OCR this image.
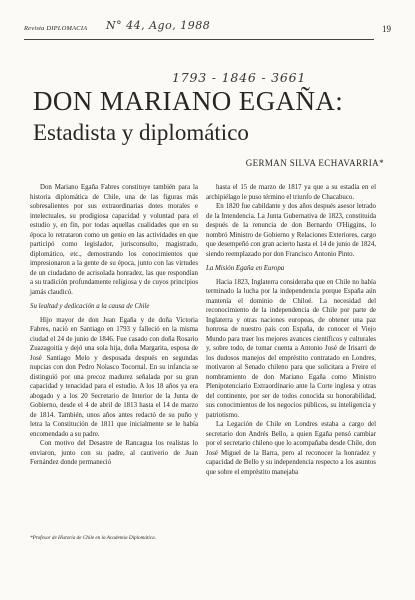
Revista DIPLOMACIA N° 44, Ago, 1988	19
1793 - 1846 - 3661
DON MARIANO EGAÑA:
Estadista y diplomático
GERMAN SILVA ECHAVARRIA*

Don Mariano Egaña Fabres constituye también para la historia diplomática de Chile, una de las figuras más sobresalientes por sus extraordinarias dotes morales e intelectuales, su prodigiosa capacidad y voluntad para el estudio y, en fin, por todas aquellas cualidades que en su época lo retrataron como un genio en las actividades en que participó como legislador, jurisconsulto, magistrado, diplomático, etc., demostrando los conocimientos que impresionaron a la gente de su época, junto con las virtudes de un ciudadano de acrisolada honradez, las que respondían a su tradición profundamente religiosa y de cuyos principios jamás claudicó.

Su lealtad y dedicación a la causa de Chile

Hijo mayor de don Juan Egaña y de doña Victoria Fabres, nació en Santiago en 1793 y falleció en la misma ciudad el 24 de junio de 1846. Fue casado con doña Rosario Zuazagoitía y dejó una sola hija, doña Margarita, esposa de José Santiago Melo y desposada después en segundas nupcias con don Pedro Nolasco Tocornal. En su infancia se distinguió por una precoz madurez señalada por su gran capacidad y tenacidad para el estudio. A los 18 años ya era abogado y a los 20 Secretario de Interior de la Junta de Gobierno, desde el 4 de abril de 1813 hasta el 14 de marzo de 1814. También, unos años antes redactó de su puño y letra la Constitución de 1811 que inicialmente se le había encomendado a su padre.

Con motivo del Desastre de Rancagua los realistas lo enviaron, junto con su padre, al cautiverio de Juan Fernández donde permaneció

hasta el 15 de marzo de 1817 ya que a su estadía en el archipiélago le puso término el triunfo de Chacabuco.

En 1820 fue cabildante y dos años después asesor letrado de la Intendencia. La Junta Gubernativa de 1823, constituida después de la renuncia de don Bernardo O'Higgins, lo nombró Ministro de Gobierno y Relaciones Exteriores, cargo que desempeñó con gran acierto hasta el 14 de junio de 1824, siendo reemplazado por don Francisco Antonio Pinto.

La Misión Egaña en Europa

Hacia 1823, Inglaterra consideraba que en Chile no había terminado la lucha por la independencia porque España aún mantenía el dominio de Chiloé. La necesidad del reconocimiento de la independencia de Chile por parte de Inglaterra y otras naciones europeas, de obtener una paz honrosa de nuestro país con España, de conocer el Viejo Mundo para traer los mejores avances científicos y culturales y, sobre todo, de tomar cuenta a Antonio José de Irisarri de los dudosos manejos del empréstito contratado en Londres, motivaron al Senado chileno para que solicitara a Freire el nombramiento de don Mariano Egaña como Ministro Plenipotenciario Extraordinario ante la Corte inglesa y otras del continente, por ser de todos conocida su honorabilidad, sus conocimientos de los negocios públicos, su inteligencia y patriotismo.

La Legación de Chile en Londres estaba a cargo del secretario don Andrés Bello, a quien Egaña pensó cambiar por el secretario chileno que lo acompañaba desde Chile, don José Miguel de la Barra, pero al reconocer la honradez y capacidad de Bello y su independencia respecto a los asuntos que sobre el empréstito manejaba

*Profesor de Historia de Chile en la Academia Diplomática.
